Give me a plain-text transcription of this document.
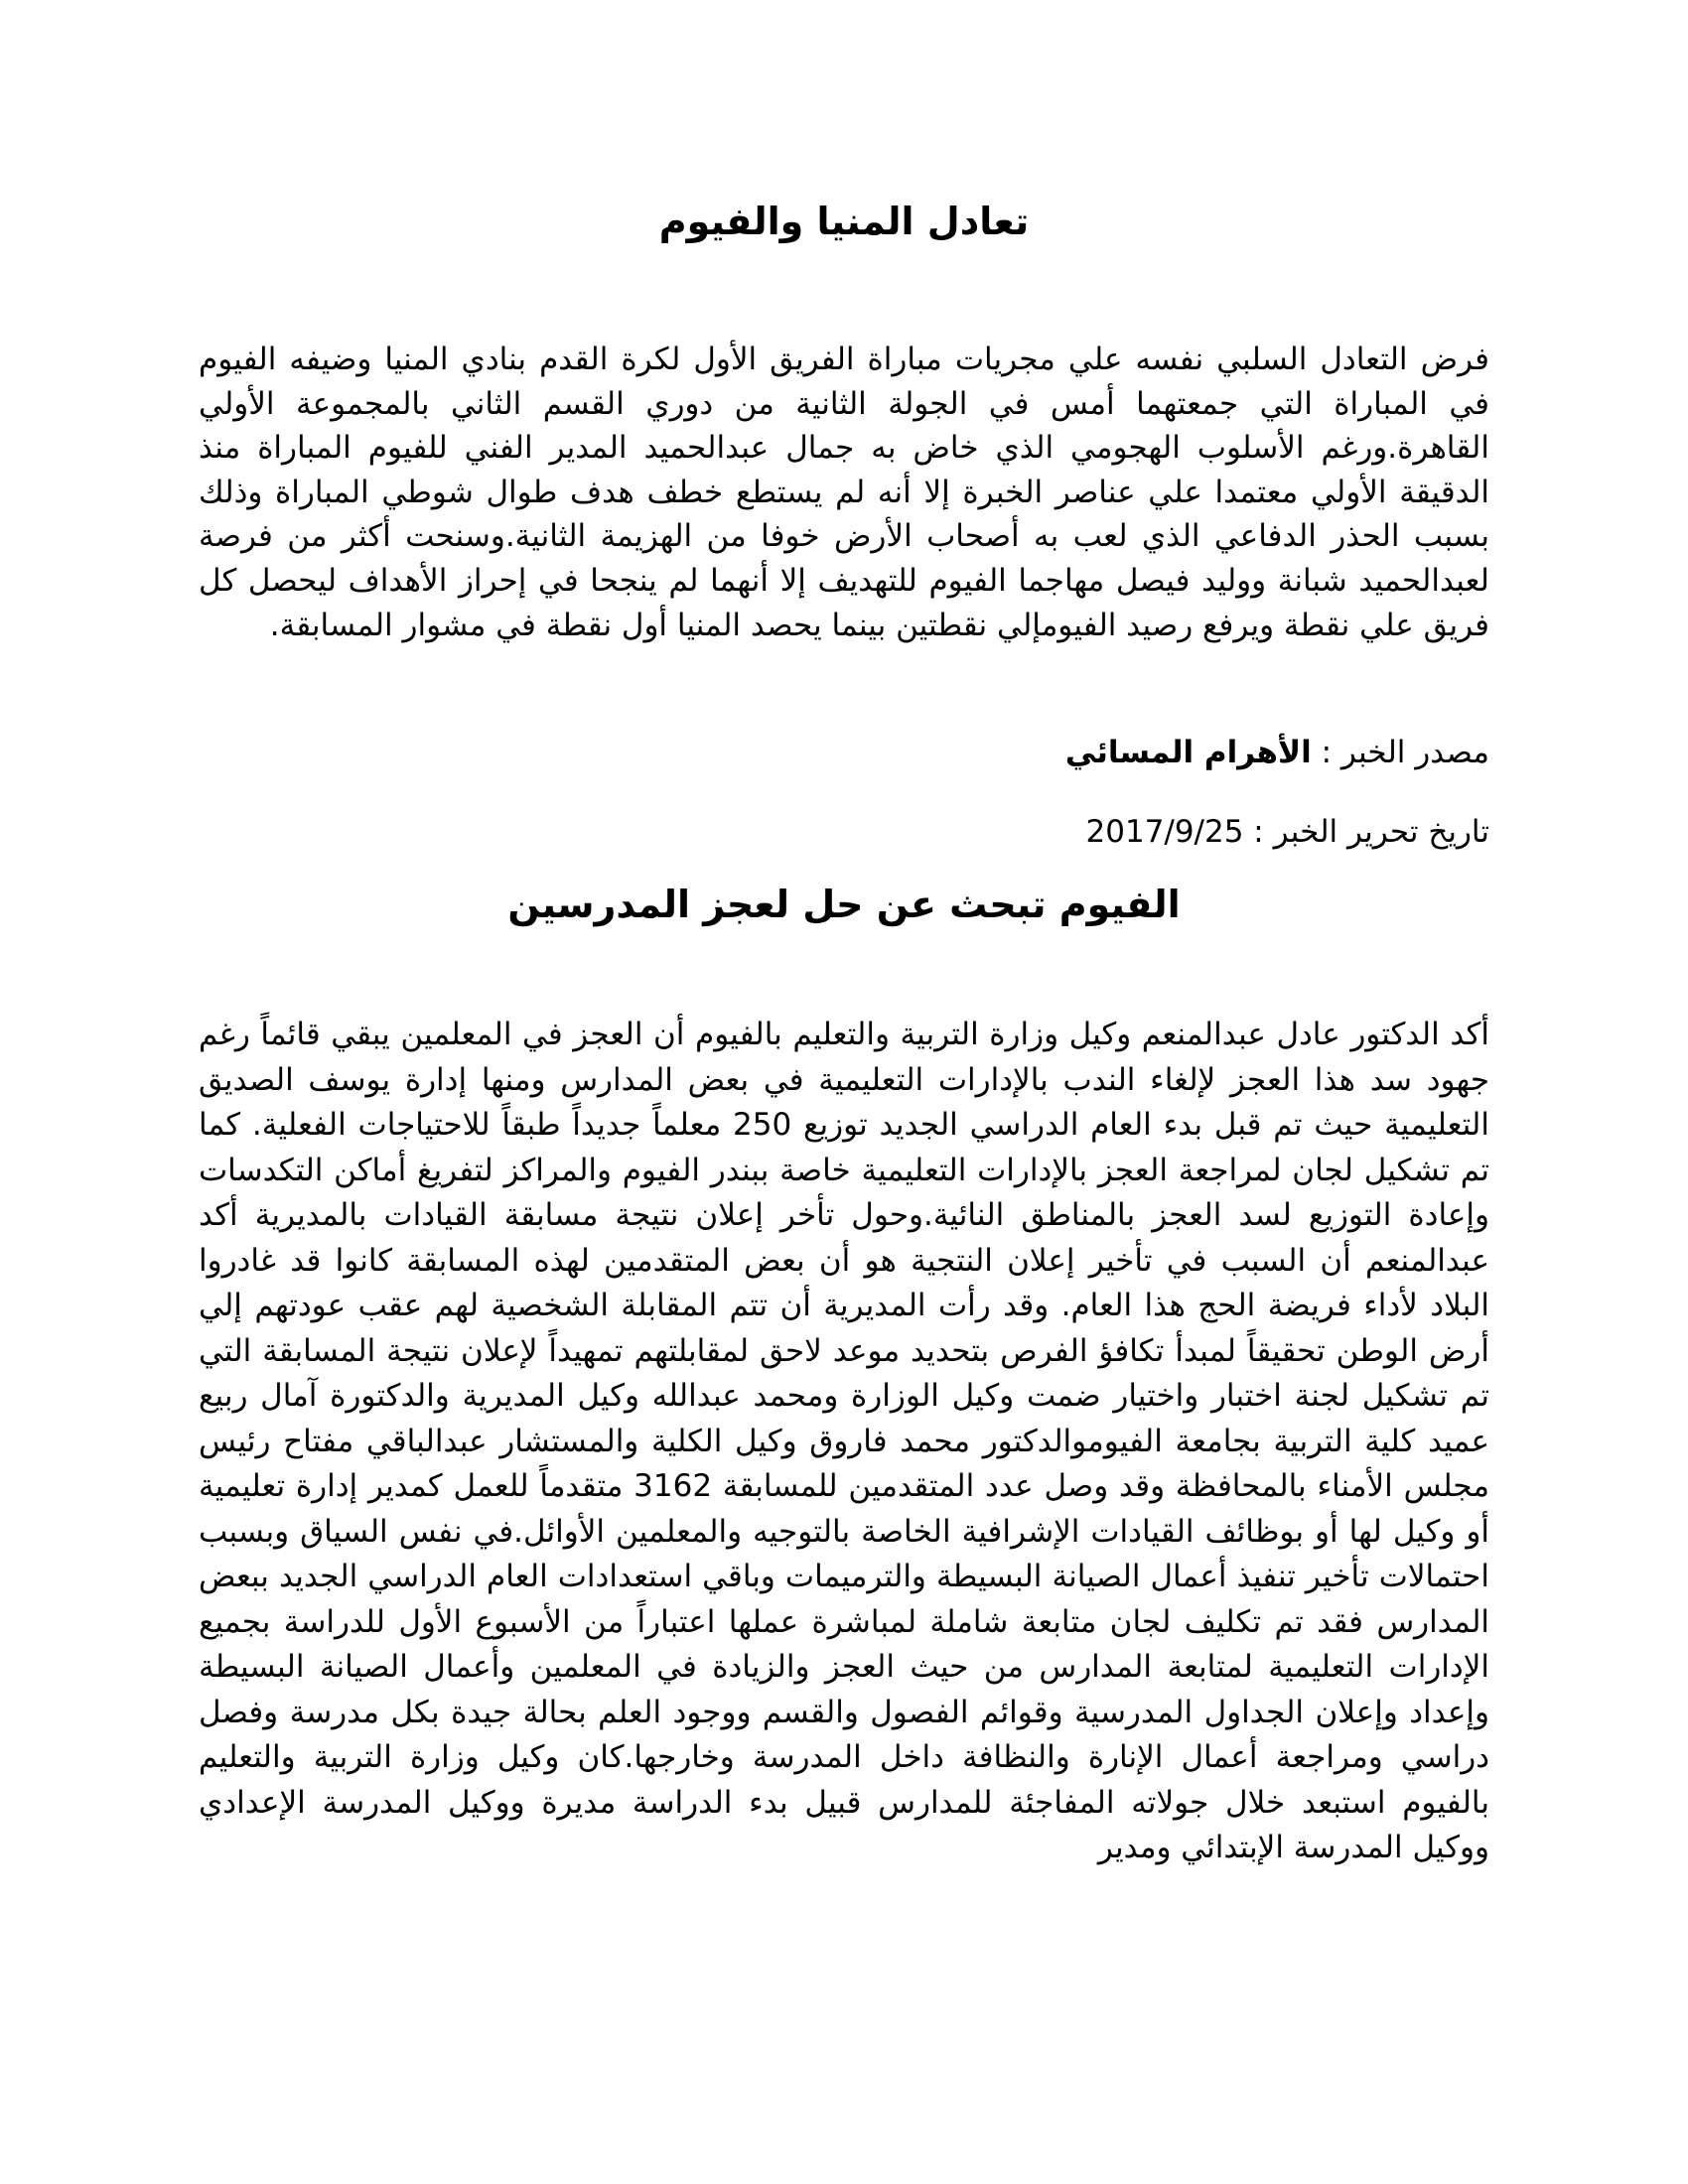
تعادل المنيا والفيوم

فرض التعادل السلبي نفسه علي مجريات مباراة الفريق الأول لكرة القدم بنادي المنيا وضيفه الفيوم في المباراة التي جمعتهما أمس في الجولة الثانية من دوري القسم الثاني بالمجموعة الأولي القاهرة.ورغم الأسلوب الهجومي الذي خاض به جمال عبدالحميد المدير الفني للفيوم المباراة منذ الدقيقة الأولي معتمدا علي عناصر الخبرة إلا أنه لم يستطع خطف هدف طوال شوطي المباراة وذلك بسبب الحذر الدفاعي الذي لعب به أصحاب الأرض خوفا من الهزيمة الثانية.وسنحت أكثر من فرصة لعبدالحميد شبانة ووليد فيصل مهاجما الفيوم للتهديف إلا أنهما لم ينجحا في إحراز الأهداف ليحصل كل فريق علي نقطة ويرفع رصيد الفيومإلي نقطتين بينما يحصد المنيا أول نقطة في مشوار المسابقة.

مصدر الخبر : الأهرام المسائي

تاريخ تحرير الخبر : 2017/9/25

الفيوم تبحث عن حل لعجز المدرسين

أكد الدكتور عادل عبدالمنعم وكيل وزارة التربية والتعليم بالفيوم أن العجز في المعلمين يبقي قائماً رغم جهود سد هذا العجز لإلغاء الندب بالإدارات التعليمية في بعض المدارس ومنها إدارة يوسف الصديق التعليمية حيث تم قبل بدء العام الدراسي الجديد توزيع 250 معلماً جديداً طبقاً للاحتياجات الفعلية. كما تم تشكيل لجان لمراجعة العجز بالإدارات التعليمية خاصة ببندر الفيوم والمراكز لتفريغ أماكن التكدسات وإعادة التوزيع لسد العجز بالمناطق النائية.وحول تأخر إعلان نتيجة مسابقة القيادات بالمديرية أكد عبدالمنعم أن السبب في تأخير إعلان النتجية هو أن بعض المتقدمين لهذه المسابقة كانوا قد غادروا البلاد لأداء فريضة الحج هذا العام. وقد رأت المديرية أن تتم المقابلة الشخصية لهم عقب عودتهم إلي أرض الوطن تحقيقاً لمبدأ تكافؤ الفرص بتحديد موعد لاحق لمقابلتهم تمهيداً لإعلان نتيجة المسابقة التي تم تشكيل لجنة اختبار واختيار ضمت وكيل الوزارة ومحمد عبدالله وكيل المديرية والدكتورة آمال ربيع عميد كلية التربية بجامعة الفيوموالدكتور محمد فاروق وكيل الكلية والمستشار عبدالباقي مفتاح رئيس مجلس الأمناء بالمحافظة وقد وصل عدد المتقدمين للمسابقة 3162 متقدماً للعمل كمدير إدارة تعليمية أو وكيل لها أو بوظائف القيادات الإشرافية الخاصة بالتوجيه والمعلمين الأوائل.في نفس السياق وبسبب احتمالات تأخير تنفيذ أعمال الصيانة البسيطة والترميمات وباقي استعدادات العام الدراسي الجديد ببعض المدارس فقد تم تكليف لجان متابعة شاملة لمباشرة عملها اعتباراً من الأسبوع الأول للدراسة بجميع الإدارات التعليمية لمتابعة المدارس من حيث العجز والزيادة في المعلمين وأعمال الصيانة البسيطة وإعداد وإعلان الجداول المدرسية وقوائم الفصول والقسم ووجود العلم بحالة جيدة بكل مدرسة وفصل دراسي ومراجعة أعمال الإنارة والنظافة داخل المدرسة وخارجها.كان وكيل وزارة التربية والتعليم بالفيوم استبعد خلال جولاته المفاجئة للمدارس قبيل بدء الدراسة مديرة ووكيل المدرسة الإعدادي ووكيل المدرسة الإبتدائي ومدير
